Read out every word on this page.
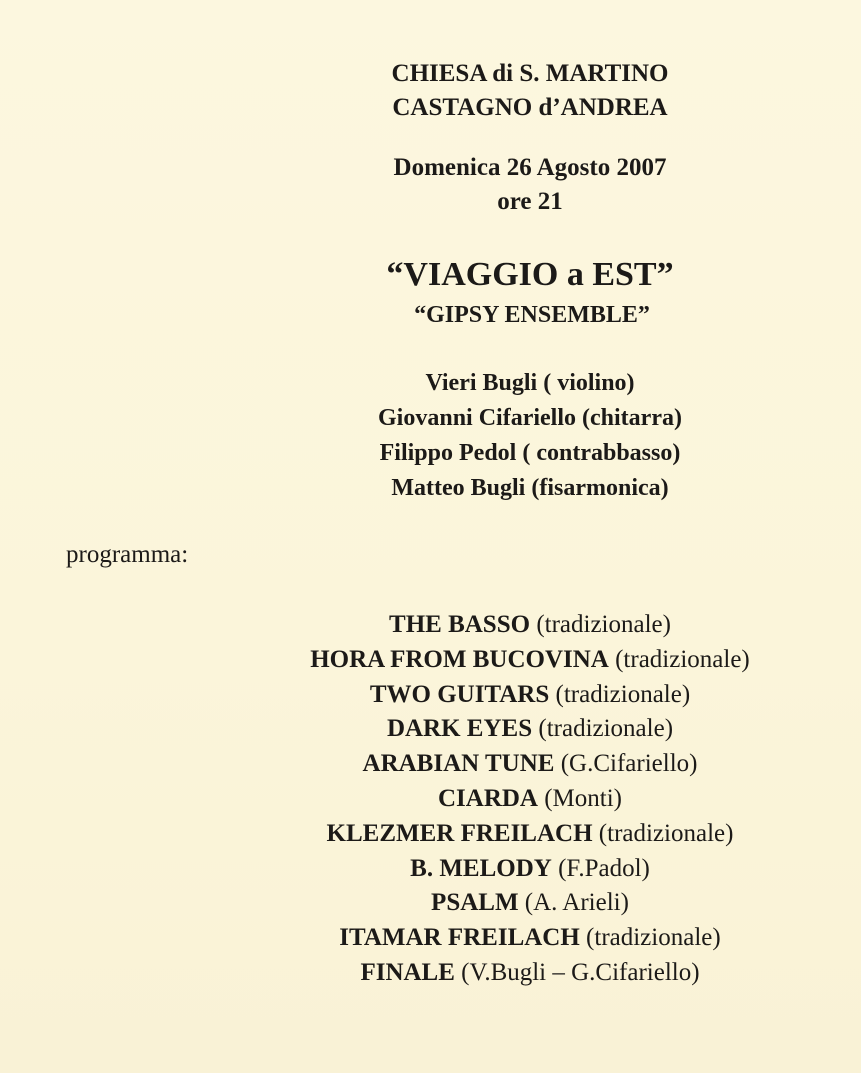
CHIESA di S. MARTINO
CASTAGNO d’ANDREA
Domenica 26 Agosto 2007
ore 21
“VIAGGIO a EST”
“GIPSY ENSEMBLE”
Vieri Bugli ( violino)
Giovanni Cifariello (chitarra)
Filippo Pedol ( contrabbasso)
Matteo Bugli (fisarmonica)
programma:
THE BASSO (tradizionale)
HORA FROM BUCOVINA (tradizionale)
TWO GUITARS (tradizionale)
DARK EYES (tradizionale)
ARABIAN TUNE (G.Cifariello)
CIARDA (Monti)
KLEZMER FREILACH (tradizionale)
B. MELODY (F.Padol)
PSALM (A. Arieli)
ITAMAR FREILACH (tradizionale)
FINALE (V.Bugli – G.Cifariello)
